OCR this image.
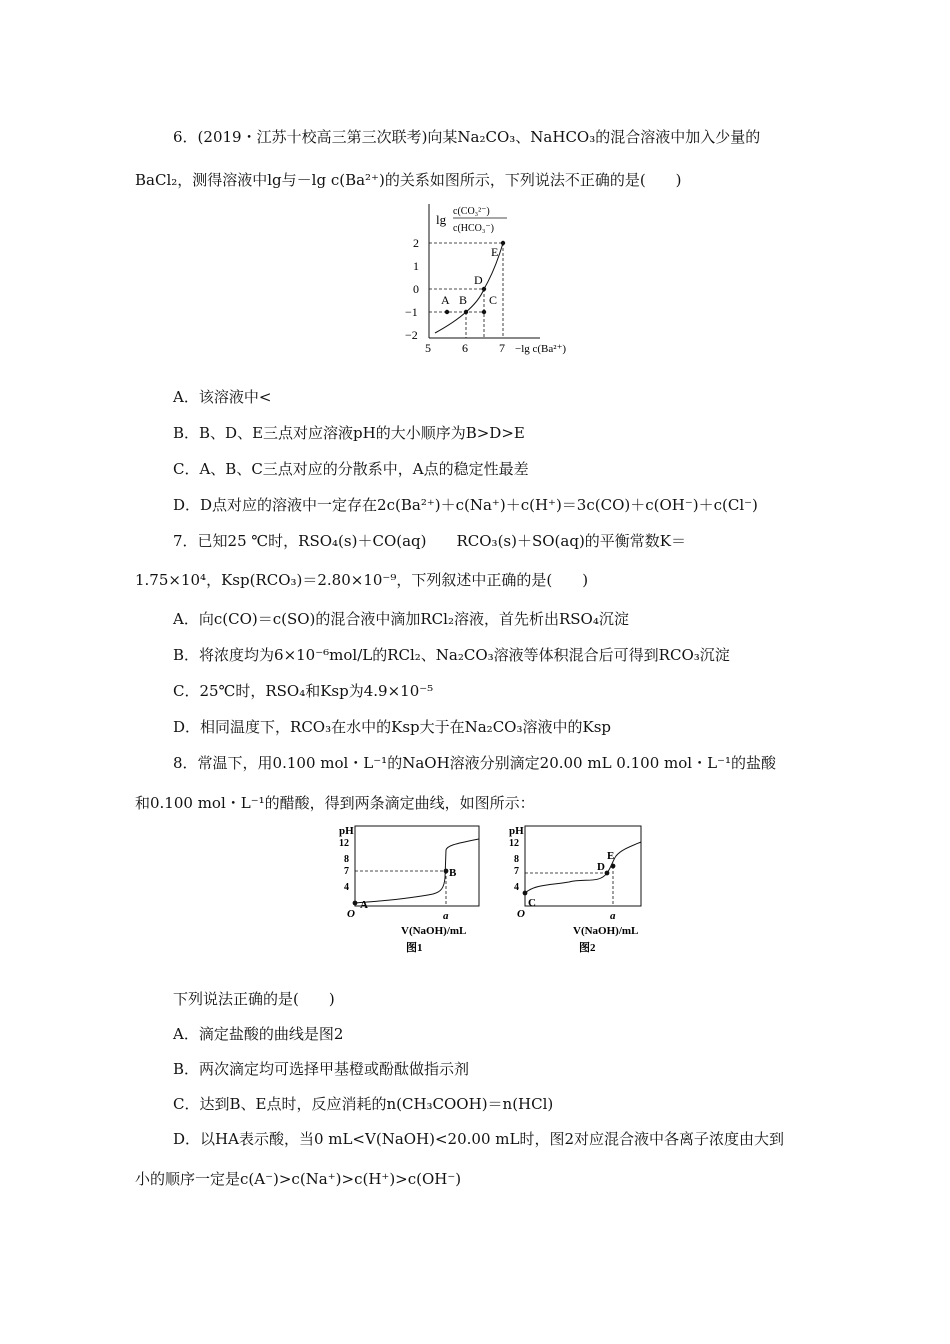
6．(2019・江苏十校高三第三次联考)向某Na₂CO₃、NaHCO₃的混合溶液中加入少量的
BaCl₂，测得溶液中lg与－lg c(Ba²⁺)的关系如图所示，下列说法不正确的是(　　)
lg
c(CO₃²⁻)
c(HCO₃⁻)
2
1
0
−1
−2
5	6	7 −lg c(Ba²⁺)
A B C
D
E
A．该溶液中<
B．B、D、E三点对应溶液pH的大小顺序为B>D>E
C．A、B、C三点对应的分散系中，A点的稳定性最差
D．D点对应的溶液中一定存在2c(Ba²⁺)＋c(Na⁺)＋c(H⁺)＝3c(CO)＋c(OH⁻)＋c(Cl⁻)
7．已知25 ℃时，RSO₄(s)＋CO(aq)　　RCO₃(s)＋SO(aq)的平衡常数K＝
1.75×10⁴，Ksp(RCO₃)＝2.80×10⁻⁹，下列叙述中正确的是(　　)
A．向c(CO)＝c(SO)的混合液中滴加RCl₂溶液，首先析出RSO₄沉淀
B．将浓度均为6×10⁻⁶mol/L的RCl₂、Na₂CO₃溶液等体积混合后可得到RCO₃沉淀
C．25℃时，RSO₄和Ksp为4.9×10⁻⁵
D．相同温度下，RCO₃在水中的Ksp大于在Na₂CO₃溶液中的Ksp
8．常温下，用0.100 mol・L⁻¹的NaOH溶液分别滴定20.00 mL 0.100 mol・L⁻¹的盐酸
和0.100 mol・L⁻¹的醋酸，得到两条滴定曲线，如图所示：
pH
12
8
7
4
O
A
B
a
V(NaOH)/mL
图1
pH
12
8
7
4
O
C
D
E
a
V(NaOH)/mL
图2
下列说法正确的是(　　)
A．滴定盐酸的曲线是图2
B．两次滴定均可选择甲基橙或酚酞做指示剂
C．达到B、E点时，反应消耗的n(CH₃COOH)＝n(HCl)
D．以HA表示酸，当0 mL<V(NaOH)<20.00 mL时，图2对应混合液中各离子浓度由大到
小的顺序一定是c(A⁻)>c(Na⁺)>c(H⁺)>c(OH⁻)
